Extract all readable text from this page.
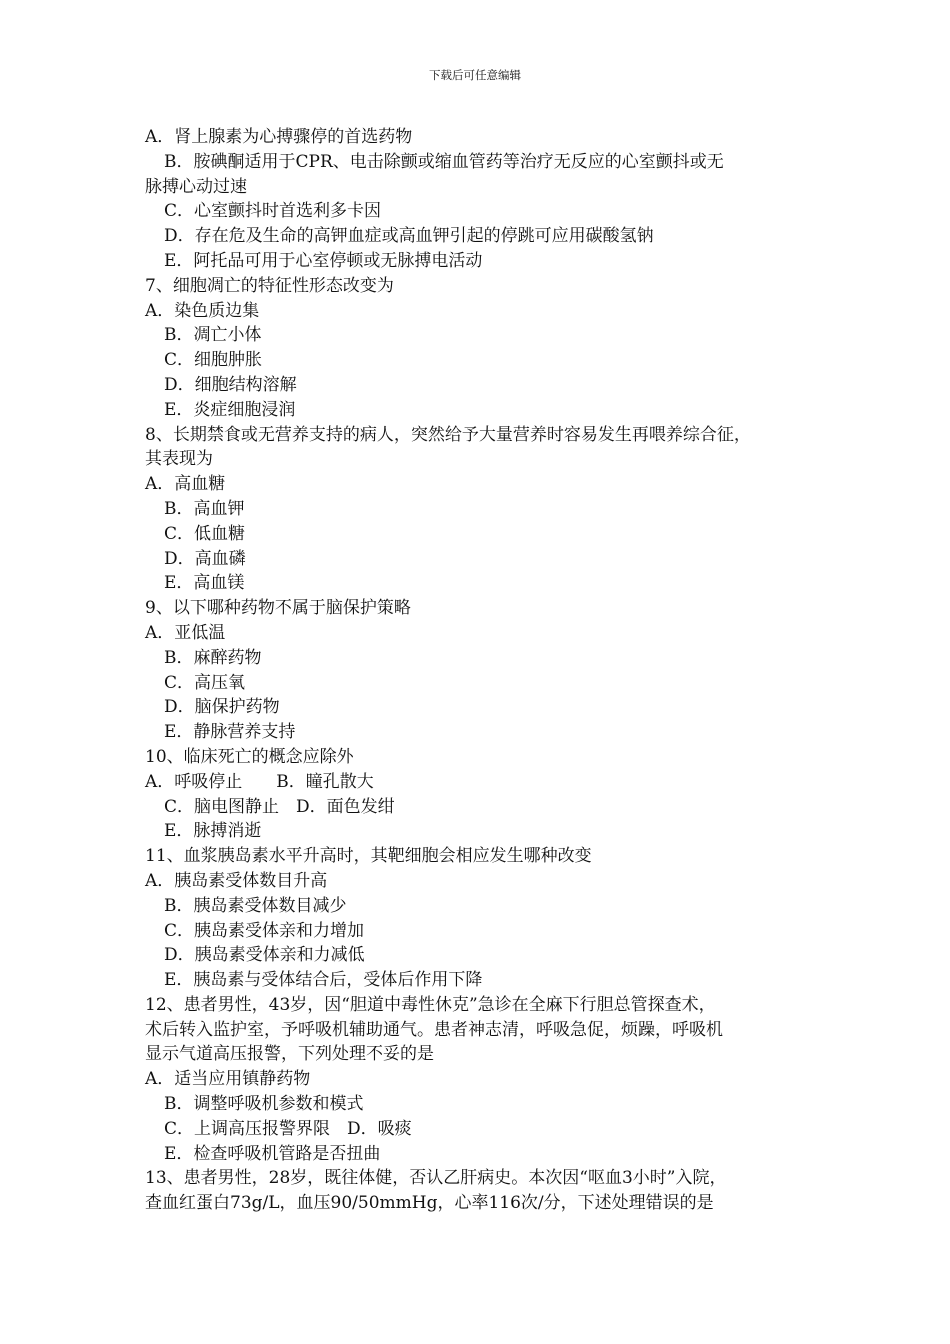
下载后可任意编辑
A．肾上腺素为心搏骤停的首选药物
B．胺碘酮适用于CPR、电击除颤或缩血管药等治疗无反应的心室颤抖或无
脉搏心动过速
C．心室颤抖时首选利多卡因
D．存在危及生命的高钾血症或高血钾引起的停跳可应用碳酸氢钠
E．阿托品可用于心室停顿或无脉搏电活动
7、细胞凋亡的特征性形态改变为
A．染色质边集
B．凋亡小体
C．细胞肿胀
D．细胞结构溶解
E．炎症细胞浸润
8、长期禁食或无营养支持的病人，突然给予大量营养时容易发生再喂养综合征，
其表现为
A．高血糖
B．高血钾
C．低血糖
D．高血磷
E．高血镁
9、以下哪种药物不属于脑保护策略
A．亚低温
B．麻醉药物
C．高压氧
D．脑保护药物
E．静脉营养支持
10、临床死亡的概念应除外
A．呼吸停止　　B．瞳孔散大
C．脑电图静止　D．面色发绀
E．脉搏消逝
11、血浆胰岛素水平升高时，其靶细胞会相应发生哪种改变
A．胰岛素受体数目升高
B．胰岛素受体数目减少
C．胰岛素受体亲和力增加
D．胰岛素受体亲和力减低
E．胰岛素与受体结合后，受体后作用下降
12、患者男性，43岁，因“胆道中毒性休克”急诊在全麻下行胆总管探查术，
术后转入监护室，予呼吸机辅助通气。患者神志清，呼吸急促，烦躁，呼吸机
显示气道高压报警，下列处理不妥的是
A．适当应用镇静药物
B．调整呼吸机参数和模式
C．上调高压报警界限　D．吸痰
E．检查呼吸机管路是否扭曲
13、患者男性，28岁，既往体健，否认乙肝病史。本次因“呕血3小时”入院，
查血红蛋白73g/L，血压90/50mmHg，心率116次/分，下述处理错误的是
